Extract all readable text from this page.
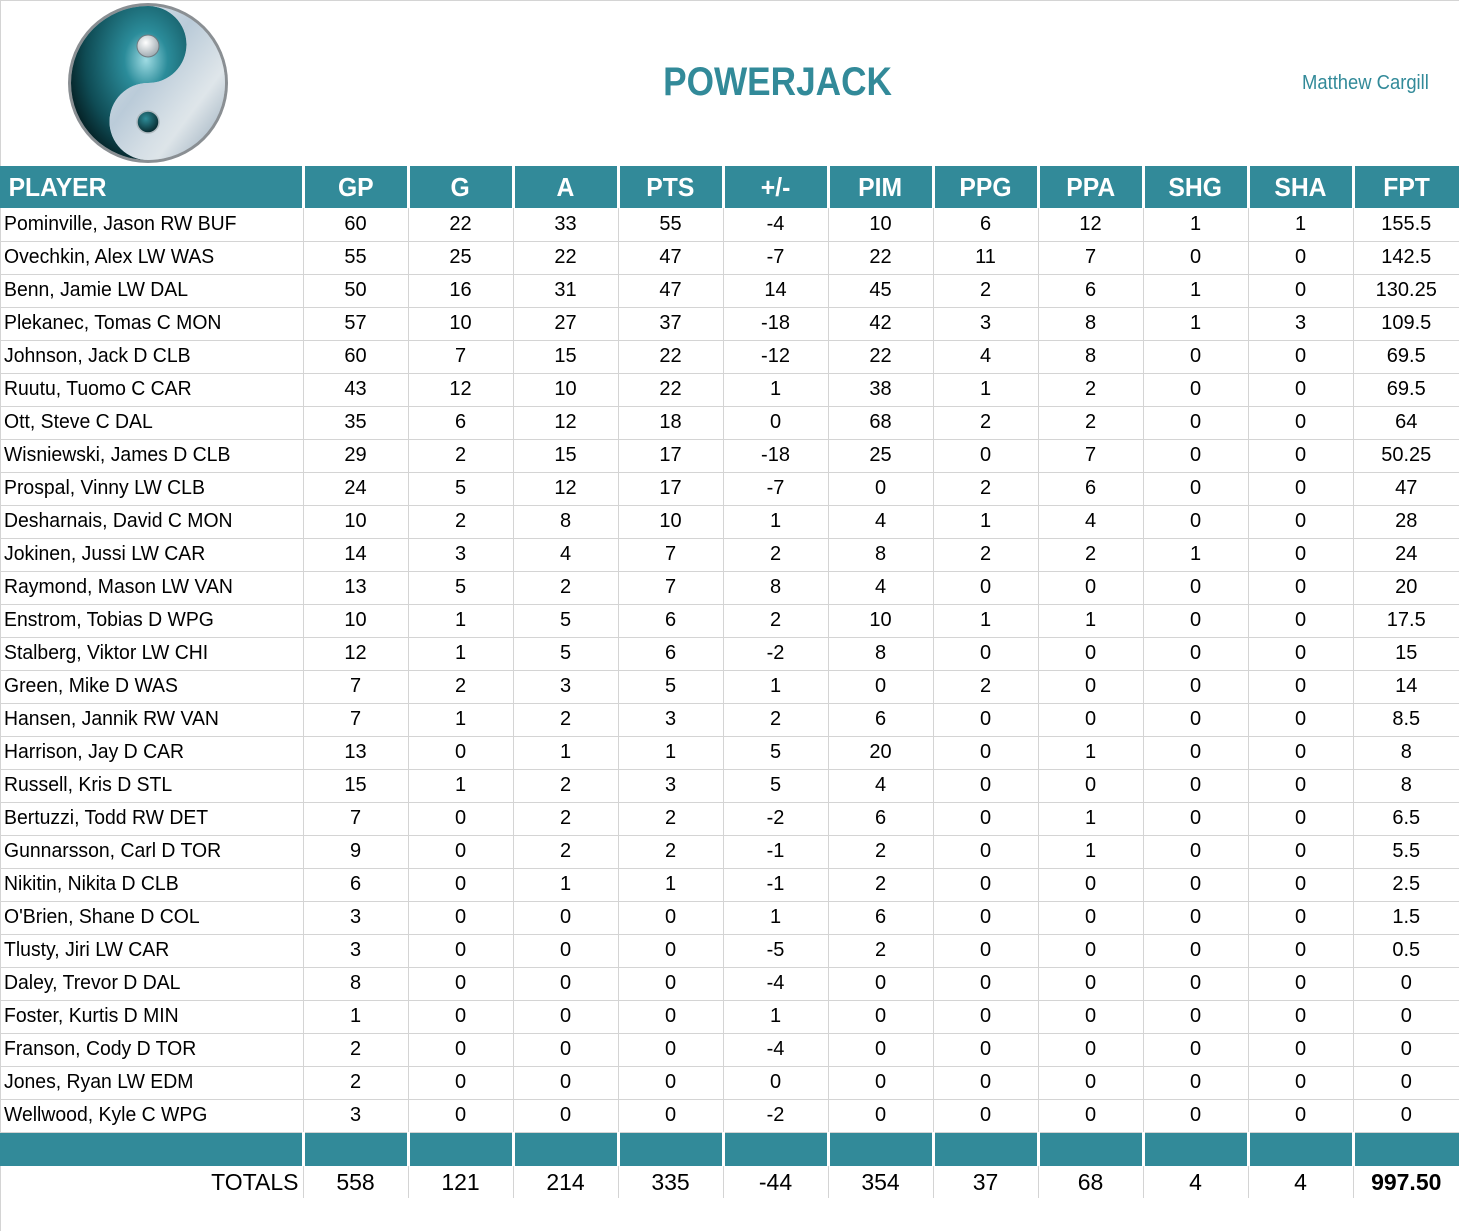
POWERJACK	Matthew Cargill
PLAYER	GP	G	A	PTS	+/-	PIM	PPG	PPA	SHG	SHA	FPT
Pominville, Jason RW BUF	60	22	33	55	-4	10	6	12	1	1	155.5
Ovechkin, Alex LW WAS	55	25	22	47	-7	22	11	7	0	0	142.5
Benn, Jamie LW DAL	50	16	31	47	14	45	2	6	1	0	130.25
Plekanec, Tomas C MON	57	10	27	37	-18	42	3	8	1	3	109.5
Johnson, Jack D CLB	60	7	15	22	-12	22	4	8	0	0	69.5
Ruutu, Tuomo C CAR	43	12	10	22	1	38	1	2	0	0	69.5
Ott, Steve C DAL	35	6	12	18	0	68	2	2	0	0	64
Wisniewski, James D CLB	29	2	15	17	-18	25	0	7	0	0	50.25
Prospal, Vinny LW CLB	24	5	12	17	-7	0	2	6	0	0	47
Desharnais, David C MON	10	2	8	10	1	4	1	4	0	0	28
Jokinen, Jussi LW CAR	14	3	4	7	2	8	2	2	1	0	24
Raymond, Mason LW VAN	13	5	2	7	8	4	0	0	0	0	20
Enstrom, Tobias D WPG	10	1	5	6	2	10	1	1	0	0	17.5
Stalberg, Viktor LW CHI	12	1	5	6	-2	8	0	0	0	0	15
Green, Mike D WAS	7	2	3	5	1	0	2	0	0	0	14
Hansen, Jannik RW VAN	7	1	2	3	2	6	0	0	0	0	8.5
Harrison, Jay D CAR	13	0	1	1	5	20	0	1	0	0	8
Russell, Kris D STL	15	1	2	3	5	4	0	0	0	0	8
Bertuzzi, Todd RW DET	7	0	2	2	-2	6	0	1	0	0	6.5
Gunnarsson, Carl D TOR	9	0	2	2	-1	2	0	1	0	0	5.5
Nikitin, Nikita D CLB	6	0	1	1	-1	2	0	0	0	0	2.5
O'Brien, Shane D COL	3	0	0	0	1	6	0	0	0	0	1.5
Tlusty, Jiri LW CAR	3	0	0	0	-5	2	0	0	0	0	0.5
Daley, Trevor D DAL	8	0	0	0	-4	0	0	0	0	0	0
Foster, Kurtis D MIN	1	0	0	0	1	0	0	0	0	0	0
Franson, Cody D TOR	2	0	0	0	-4	0	0	0	0	0	0
Jones, Ryan LW EDM	2	0	0	0	0	0	0	0	0	0	0
Wellwood, Kyle C WPG	3	0	0	0	-2	0	0	0	0	0	0

TOTALS	558	121	214	335	-44	354	37	68	4	4	997.50
